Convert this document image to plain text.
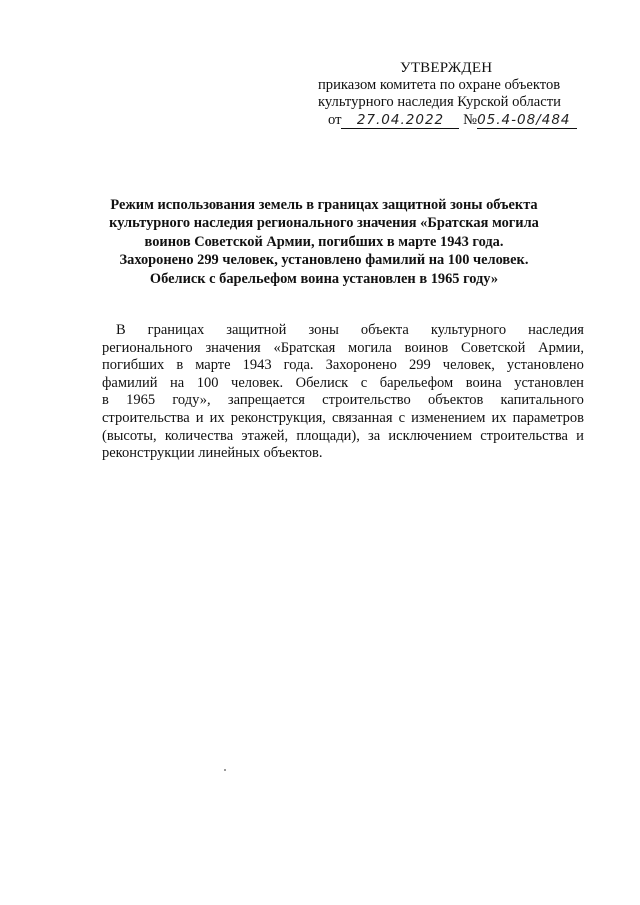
УТВЕРЖДЕН
приказом комитета по охране объектов
культурного наследия Курской области
от 27.04.2022 №05.4-08/484
Режим использования земель в границах защитной зоны объекта
культурного наследия регионального значения «Братская могила
воинов Советской Армии, погибших в марте 1943 года.
Захоронено 299 человек, установлено фамилий на 100 человек.
Обелиск с барельефом воина установлен в 1965 году»
В границах защитной зоны объекта культурного наследия
регионального значения «Братская могила воинов Советской Армии,
погибших в марте 1943 года. Захоронено 299 человек, установлено
фамилий на 100 человек. Обелиск с барельефом воина установлен
в 1965 году», запрещается строительство объектов капитального
строительства и их реконструкция, связанная с изменением их параметров
(высоты, количества этажей, площади), за исключением строительства и
реконструкции линейных объектов.
